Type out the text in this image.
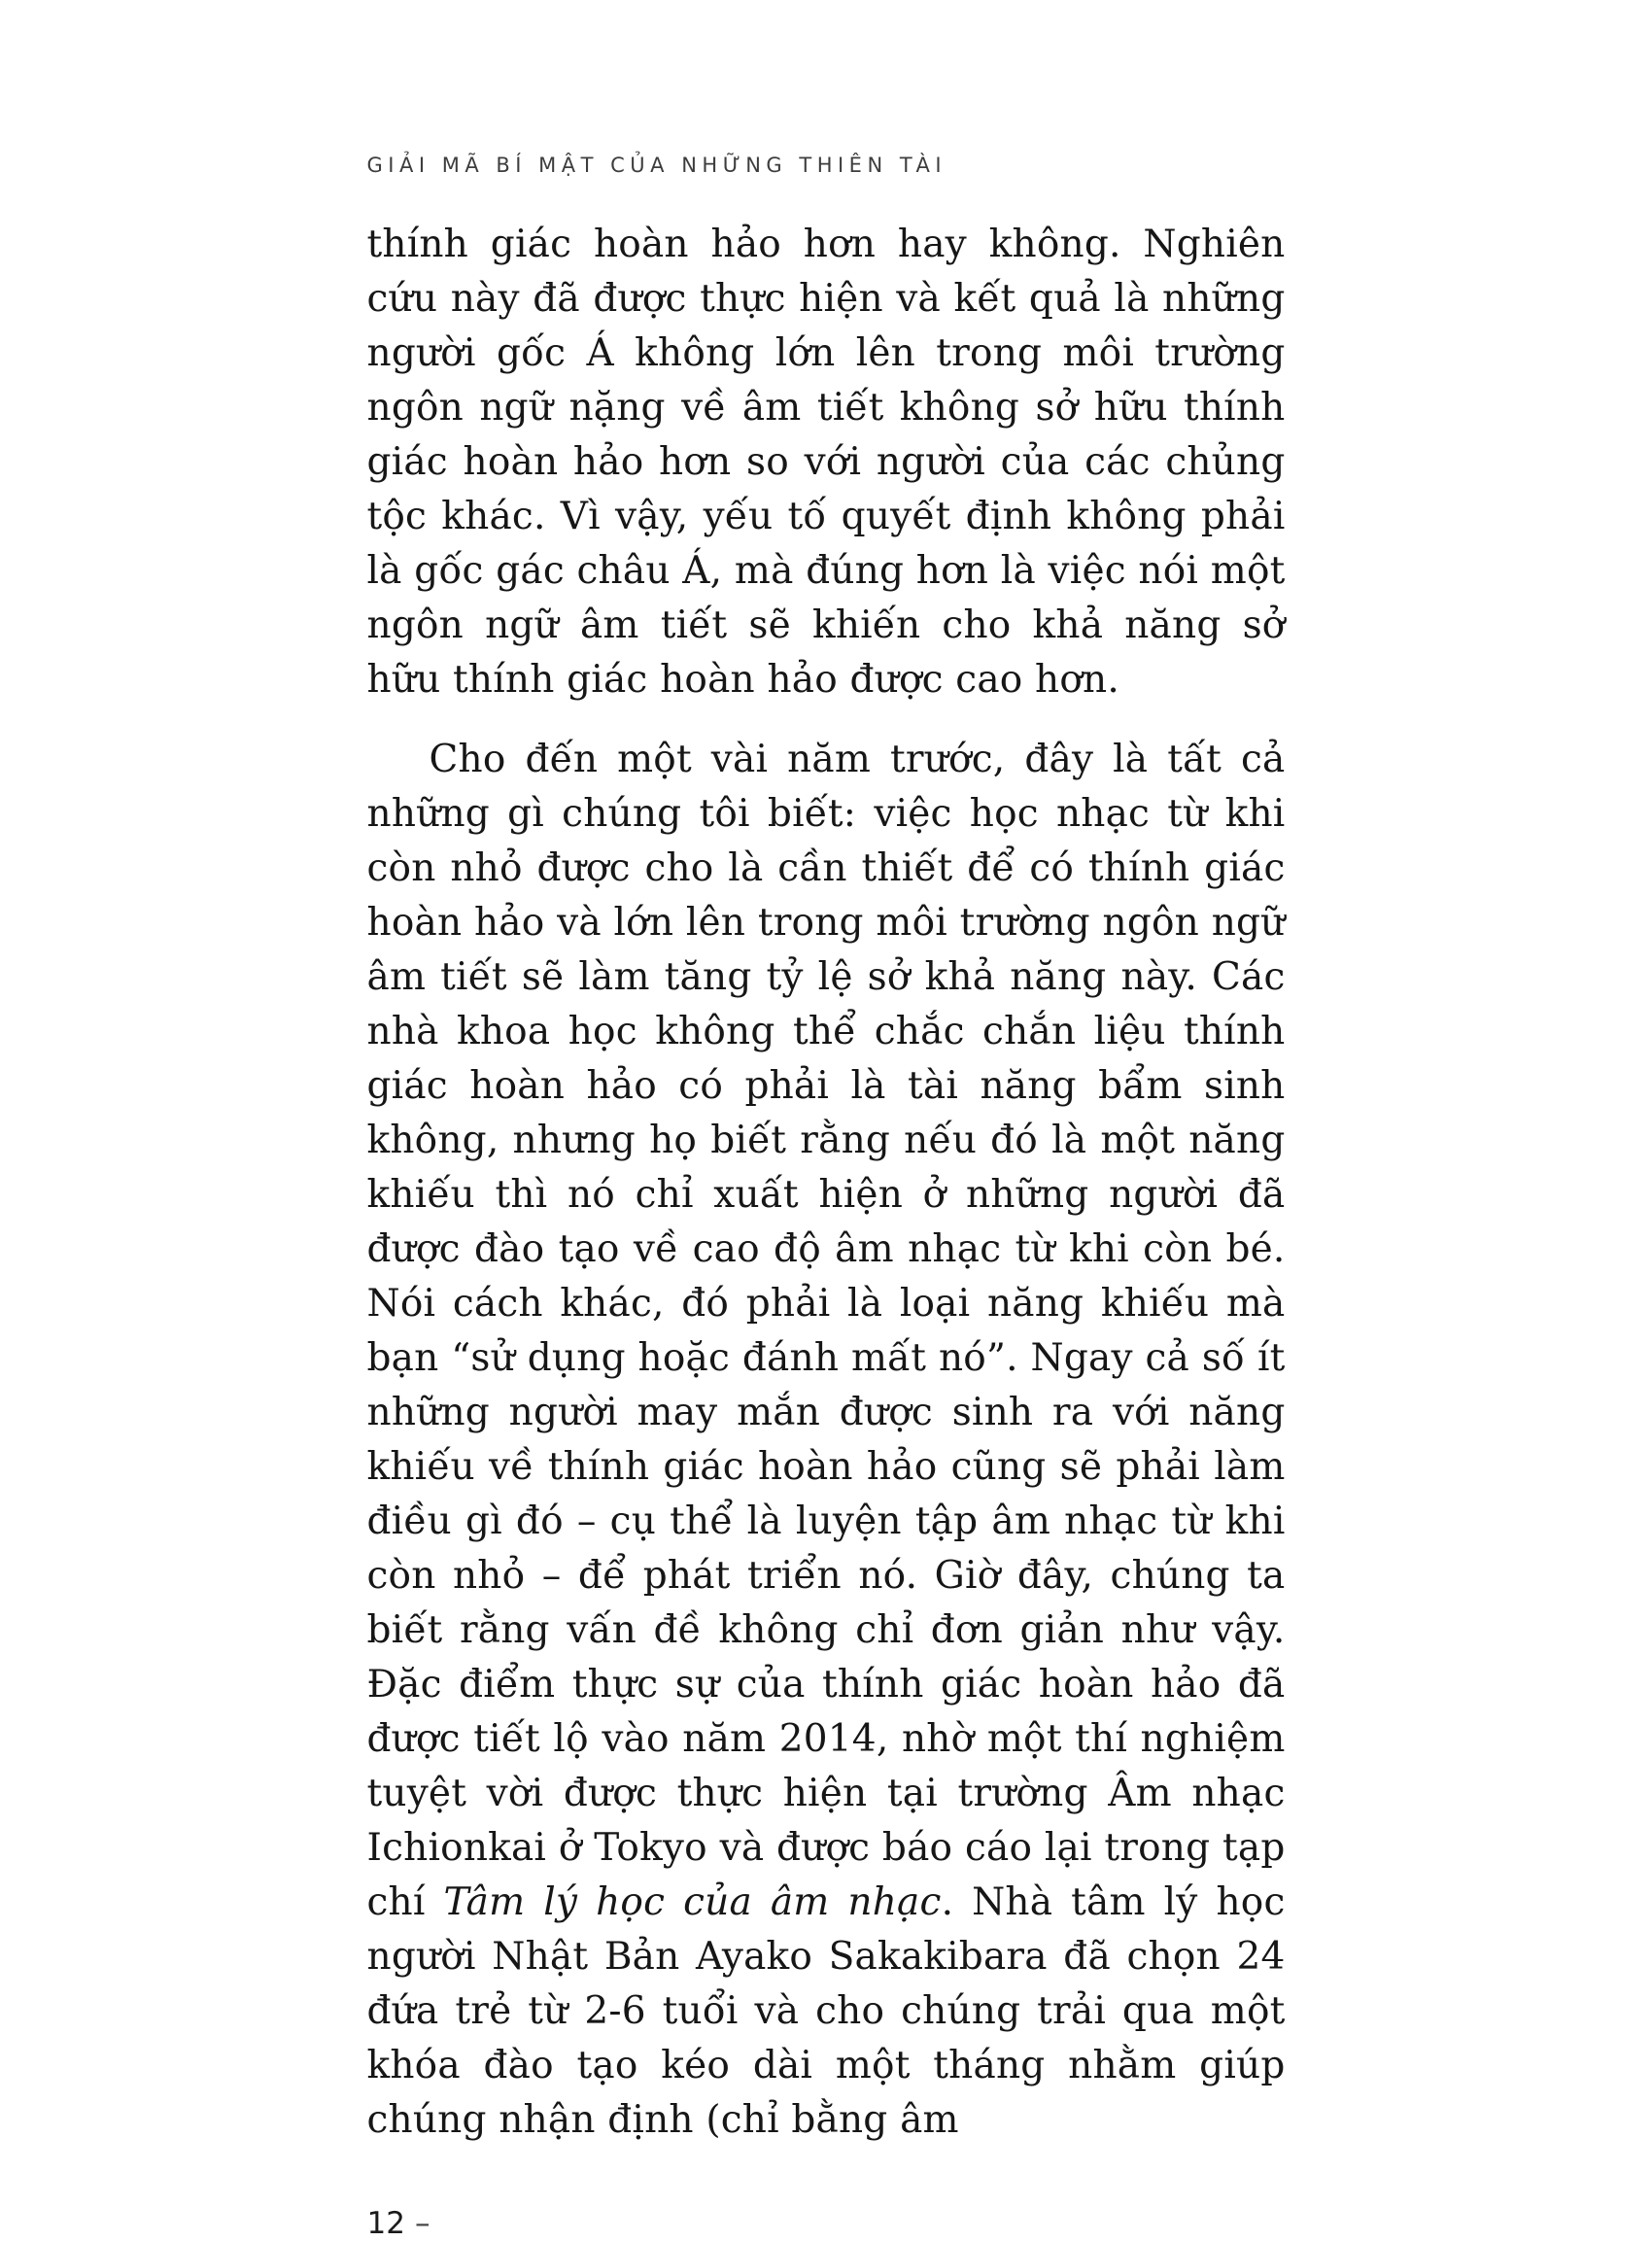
GIẢI MÃ BÍ MẬT CỦA NHỮNG THIÊN TÀI

thính giác hoàn hảo hơn hay không. Nghiên cứu này đã được thực hiện và kết quả là những người gốc Á không lớn lên trong môi trường ngôn ngữ nặng về âm tiết không sở hữu thính giác hoàn hảo hơn so với người của các chủng tộc khác. Vì vậy, yếu tố quyết định không phải là gốc gác châu Á, mà đúng hơn là việc nói một ngôn ngữ âm tiết sẽ khiến cho khả năng sở hữu thính giác hoàn hảo được cao hơn.

Cho đến một vài năm trước, đây là tất cả những gì chúng tôi biết: việc học nhạc từ khi còn nhỏ được cho là cần thiết để có thính giác hoàn hảo và lớn lên trong môi trường ngôn ngữ âm tiết sẽ làm tăng tỷ lệ sở khả năng này. Các nhà khoa học không thể chắc chắn liệu thính giác hoàn hảo có phải là tài năng bẩm sinh không, nhưng họ biết rằng nếu đó là một năng khiếu thì nó chỉ xuất hiện ở những người đã được đào tạo về cao độ âm nhạc từ khi còn bé. Nói cách khác, đó phải là loại năng khiếu mà bạn “sử dụng hoặc đánh mất nó”. Ngay cả số ít những người may mắn được sinh ra với năng khiếu về thính giác hoàn hảo cũng sẽ phải làm điều gì đó – cụ thể là luyện tập âm nhạc từ khi còn nhỏ – để phát triển nó. Giờ đây, chúng ta biết rằng vấn đề không chỉ đơn giản như vậy. Đặc điểm thực sự của thính giác hoàn hảo đã được tiết lộ vào năm 2014, nhờ một thí nghiệm tuyệt vời được thực hiện tại trường Âm nhạc Ichionkai ở Tokyo và được báo cáo lại trong tạp chí Tâm lý học của âm nhạc. Nhà tâm lý học người Nhật Bản Ayako Sakakibara đã chọn 24 đứa trẻ từ 2-6 tuổi và cho chúng trải qua một khóa đào tạo kéo dài một tháng nhằm giúp chúng nhận định (chỉ bằng âm

12 –
